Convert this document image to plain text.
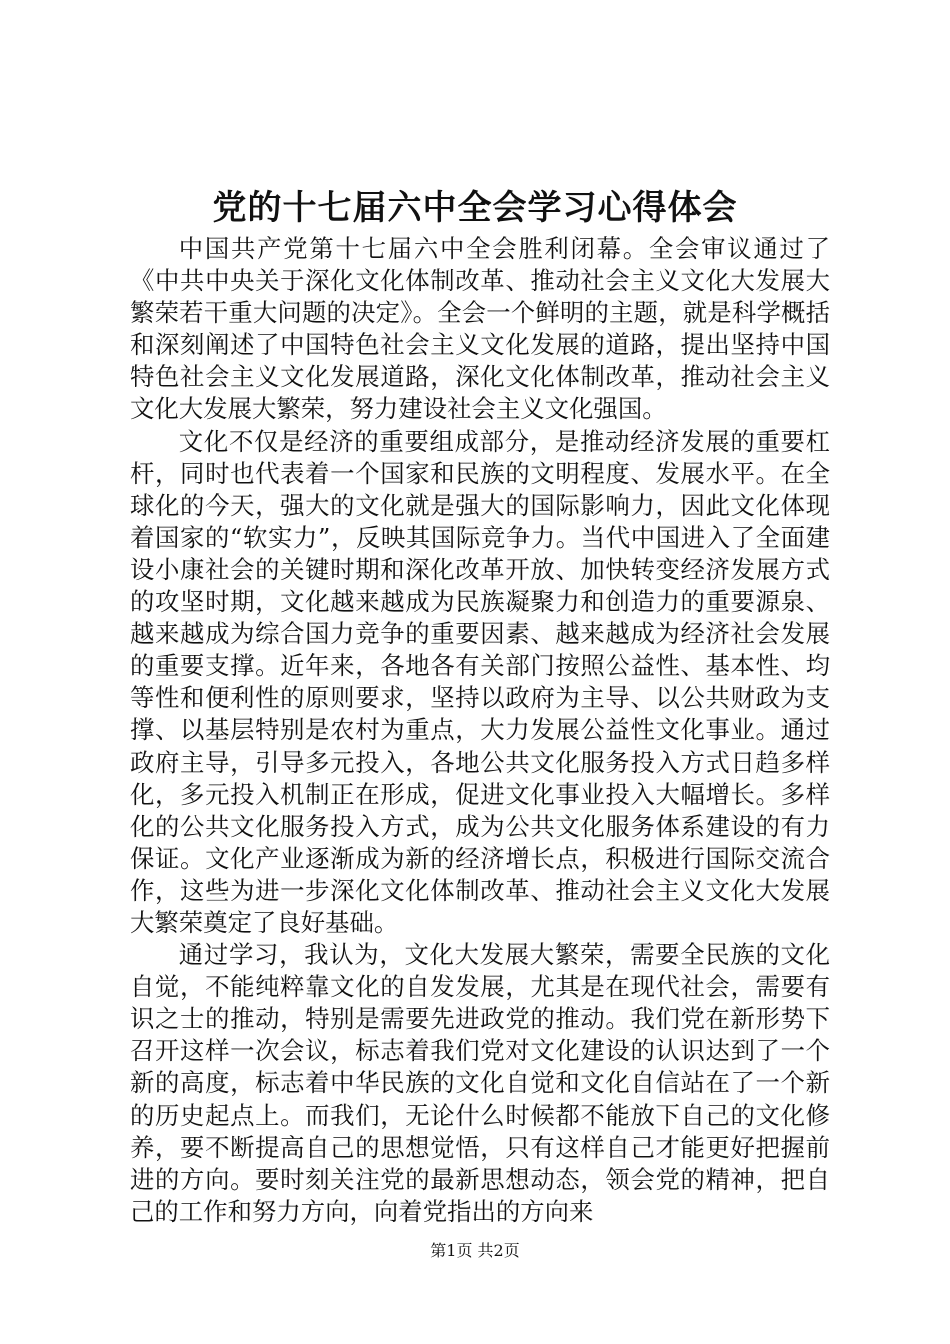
党的十七届六中全会学习心得体会

中国共产党第十七届六中全会胜利闭幕。全会审议通过了《中共中央关于深化文化体制改革、推动社会主义文化大发展大繁荣若干重大问题的决定》。全会一个鲜明的主题，就是科学概括和深刻阐述了中国特色社会主义文化发展的道路，提出坚持中国特色社会主义文化发展道路，深化文化体制改革，推动社会主义文化大发展大繁荣，努力建设社会主义文化强国。

文化不仅是经济的重要组成部分，是推动经济发展的重要杠杆，同时也代表着一个国家和民族的文明程度、发展水平。在全球化的今天，强大的文化就是强大的国际影响力，因此文化体现着国家的“软实力”，反映其国际竞争力。当代中国进入了全面建设小康社会的关键时期和深化改革开放、加快转变经济发展方式的攻坚时期，文化越来越成为民族凝聚力和创造力的重要源泉、越来越成为综合国力竞争的重要因素、越来越成为经济社会发展的重要支撑。近年来，各地各有关部门按照公益性、基本性、均等性和便利性的原则要求，坚持以政府为主导、以公共财政为支撑、以基层特别是农村为重点，大力发展公益性文化事业。通过政府主导，引导多元投入，各地公共文化服务投入方式日趋多样化，多元投入机制正在形成，促进文化事业投入大幅增长。多样化的公共文化服务投入方式，成为公共文化服务体系建设的有力保证。文化产业逐渐成为新的经济增长点，积极进行国际交流合作，这些为进一步深化文化体制改革、推动社会主义文化大发展大繁荣奠定了良好基础。

通过学习，我认为，文化大发展大繁荣，需要全民族的文化自觉，不能纯粹靠文化的自发发展，尤其是在现代社会，需要有识之士的推动，特别是需要先进政党的推动。我们党在新形势下召开这样一次会议，标志着我们党对文化建设的认识达到了一个新的高度，标志着中华民族的文化自觉和文化自信站在了一个新的历史起点上。而我们，无论什么时候都不能放下自己的文化修养，要不断提高自己的思想觉悟，只有这样自己才能更好把握前进的方向。要时刻关注党的最新思想动态，领会党的精神，把自己的工作和努力方向，向着党指出的方向来

第1页 共2页
